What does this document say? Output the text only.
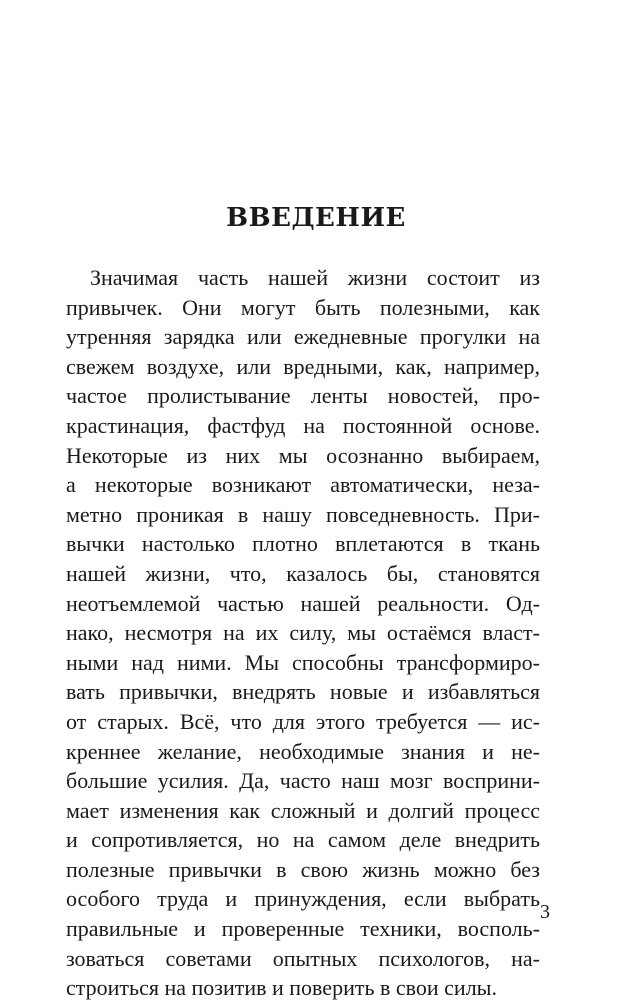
ВВЕДЕНИЕ
Значимая часть нашей жизни состоит из
привычек. Они могут быть полезными, как
утренняя зарядка или ежедневные прогулки на
свежем воздухе, или вредными, как, например,
частое пролистывание ленты новостей, про-
крастинация, фастфуд на постоянной основе.
Некоторые из них мы осознанно выбираем,
а некоторые возникают автоматически, неза-
метно проникая в нашу повседневность. При-
вычки настолько плотно вплетаются в ткань
нашей жизни, что, казалось бы, становятся
неотъемлемой частью нашей реальности. Од-
нако, несмотря на их силу, мы остаёмся власт-
ными над ними. Мы способны трансформиро-
вать привычки, внедрять новые и избавляться
от старых. Всё, что для этого требуется — ис-
креннее желание, необходимые знания и не-
большие усилия. Да, часто наш мозг восприни-
мает изменения как сложный и долгий процесс
и сопротивляется, но на самом деле внедрить
полезные привычки в свою жизнь можно без
особого труда и принуждения, если выбрать
правильные и проверенные техники, восполь-
зоваться советами опытных психологов, на-
строиться на позитив и поверить в свои силы.
3
